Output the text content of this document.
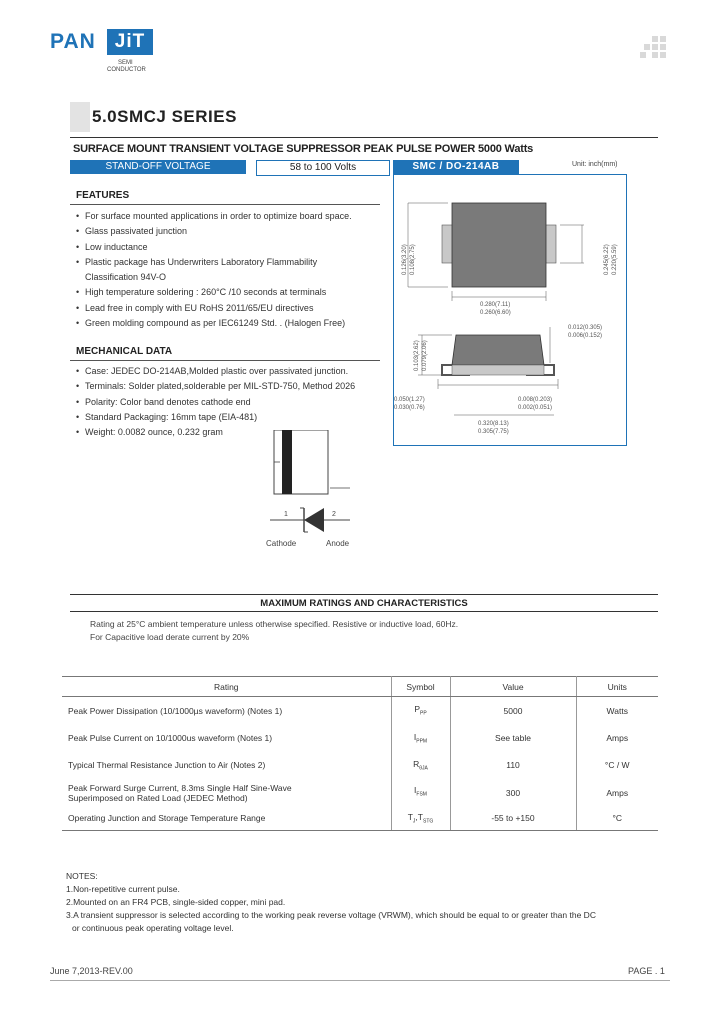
PAN JiT
SEMI
CONDUCTOR
5.0SMCJ SERIES
SURFACE MOUNT TRANSIENT VOLTAGE SUPPRESSOR PEAK PULSE POWER 5000 Watts
STAND-OFF VOLTAGE	58 to 100 Volts	SMC / DO-214AB	Unit: inch(mm)
0.126(3.20) 0.108(2.75)	0.245(6.22) 0.220(5.59)
0.280(7.11)
0.260(6.60)
0.012(0.305)
0.006(0.152)
0.103(2.62) 0.079(2.06)
0.050(1.27)
0.030(0.76)
0.008(0.203)
0.002(0.051)
0.320(8.13)
0.305(7.75)
FEATURES
• For surface mounted applications in order to optimize board space.
• Glass passivated junction
• Low inductance
• Plastic package has Underwriters Laboratory Flammability
Classification 94V-O
• High temperature soldering : 260°C /10 seconds at terminals
• Lead free in comply with EU RoHS 2011/65/EU directives
• Green molding compound as per IEC61249 Std. . (Halogen Free)
MECHANICAL DATA
• Case: JEDEC DO-214AB,Molded plastic over passivated junction.
• Terminals: Solder plated,solderable per MIL-STD-750, Method 2026
• Polarity: Color band denotes cathode end
• Standard Packaging: 16mm tape (EIA-481)
• Weight: 0.0082 ounce, 0.232 gram
1	2
Cathode	Anode
MAXIMUM RATINGS AND CHARACTERISTICS
Rating at 25°C ambient temperature unless otherwise specified. Resistive or inductive load, 60Hz.
For Capacitive load derate current by 20%
Rating	Symbol	Value	Units
Peak Power Dissipation (10/1000µs waveform) (Notes 1)	$P_{PP}$	5000	Watts
Peak Pulse Current on 10/1000us waveform (Notes 1)	$I_{PPM}$	See table	Amps
Typical Thermal Resistance Junction to Air (Notes 2)	$R_{\theta JA}$	110	°C / W
Peak Forward Surge Current, 8.3ms Single Half Sine-Wave
Superimposed on Rated Load (JEDEC Method)	$I_{FSM}$	300	Amps
Operating Junction and Storage Temperature Range	$T_J,T_{STG}$	-55 to +150	°C
NOTES:
1.Non-repetitive current pulse.
2.Mounted on an FR4 PCB, single-sided copper, mini pad.
3.A transient suppressor is selected according to the working peak reverse voltage (VRWM), which should be equal to or greater than the DC
or continuous peak operating voltage level.
June 7,2013-REV.00	PAGE . 1
